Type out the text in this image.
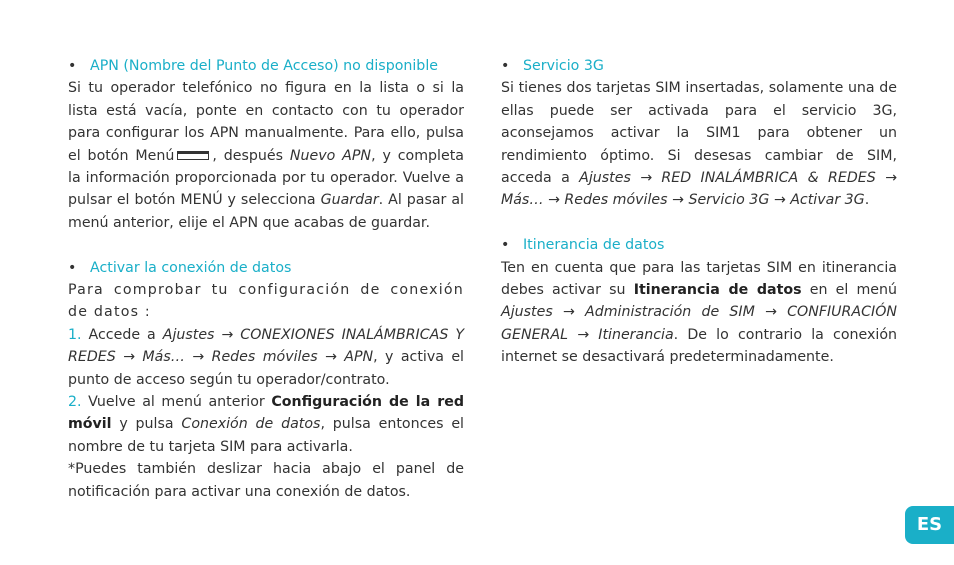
• APN (Nombre del Punto de Acceso) no disponible

Si tu operador telefónico no figura en la lista o si la lista está vacía, ponte en contacto con tu operador para configurar los APN manualmente. Para ello, pulsa el botón Menú	, después Nuevo APN, y completa la información proporcionada por tu operador. Vuelve a pulsar el botón MENÚ y selecciona Guardar. Al pasar al menú anterior, elije el APN que acabas de guardar.

• Activar la conexión de datos

Para comprobar tu configuración de conexión de datos :

1. Accede a Ajustes → CONEXIONES INALÁMBRICAS Y REDES → Más… → Redes móviles → APN, y activa el punto de acceso según tu operador/contrato.

2. Vuelve al menú anterior Configuración de la red móvil y pulsa Conexión de datos, pulsa entonces el nombre de tu tarjeta SIM para activarla.

*Puedes también deslizar hacia abajo el panel de notificación para activar una conexión de datos.

• Servicio 3G

Si tienes dos tarjetas SIM insertadas, solamente una de ellas puede ser activada para el servicio 3G, aconsejamos activar la SIM1 para obtener un rendimiento óptimo. Si desesas cambiar de SIM, acceda a Ajustes → RED INALÁMBRICA & REDES → Más… → Redes móviles → Servicio 3G → Activar 3G.

• Itinerancia de datos

Ten en cuenta que para las tarjetas SIM en itinerancia debes activar su Itinerancia de datos en el menú Ajustes → Administración de SIM → CONFIURACIÓN GENERAL → Itinerancia. De lo contrario la conexión internet se desactivará predeterminadamente.

ES
